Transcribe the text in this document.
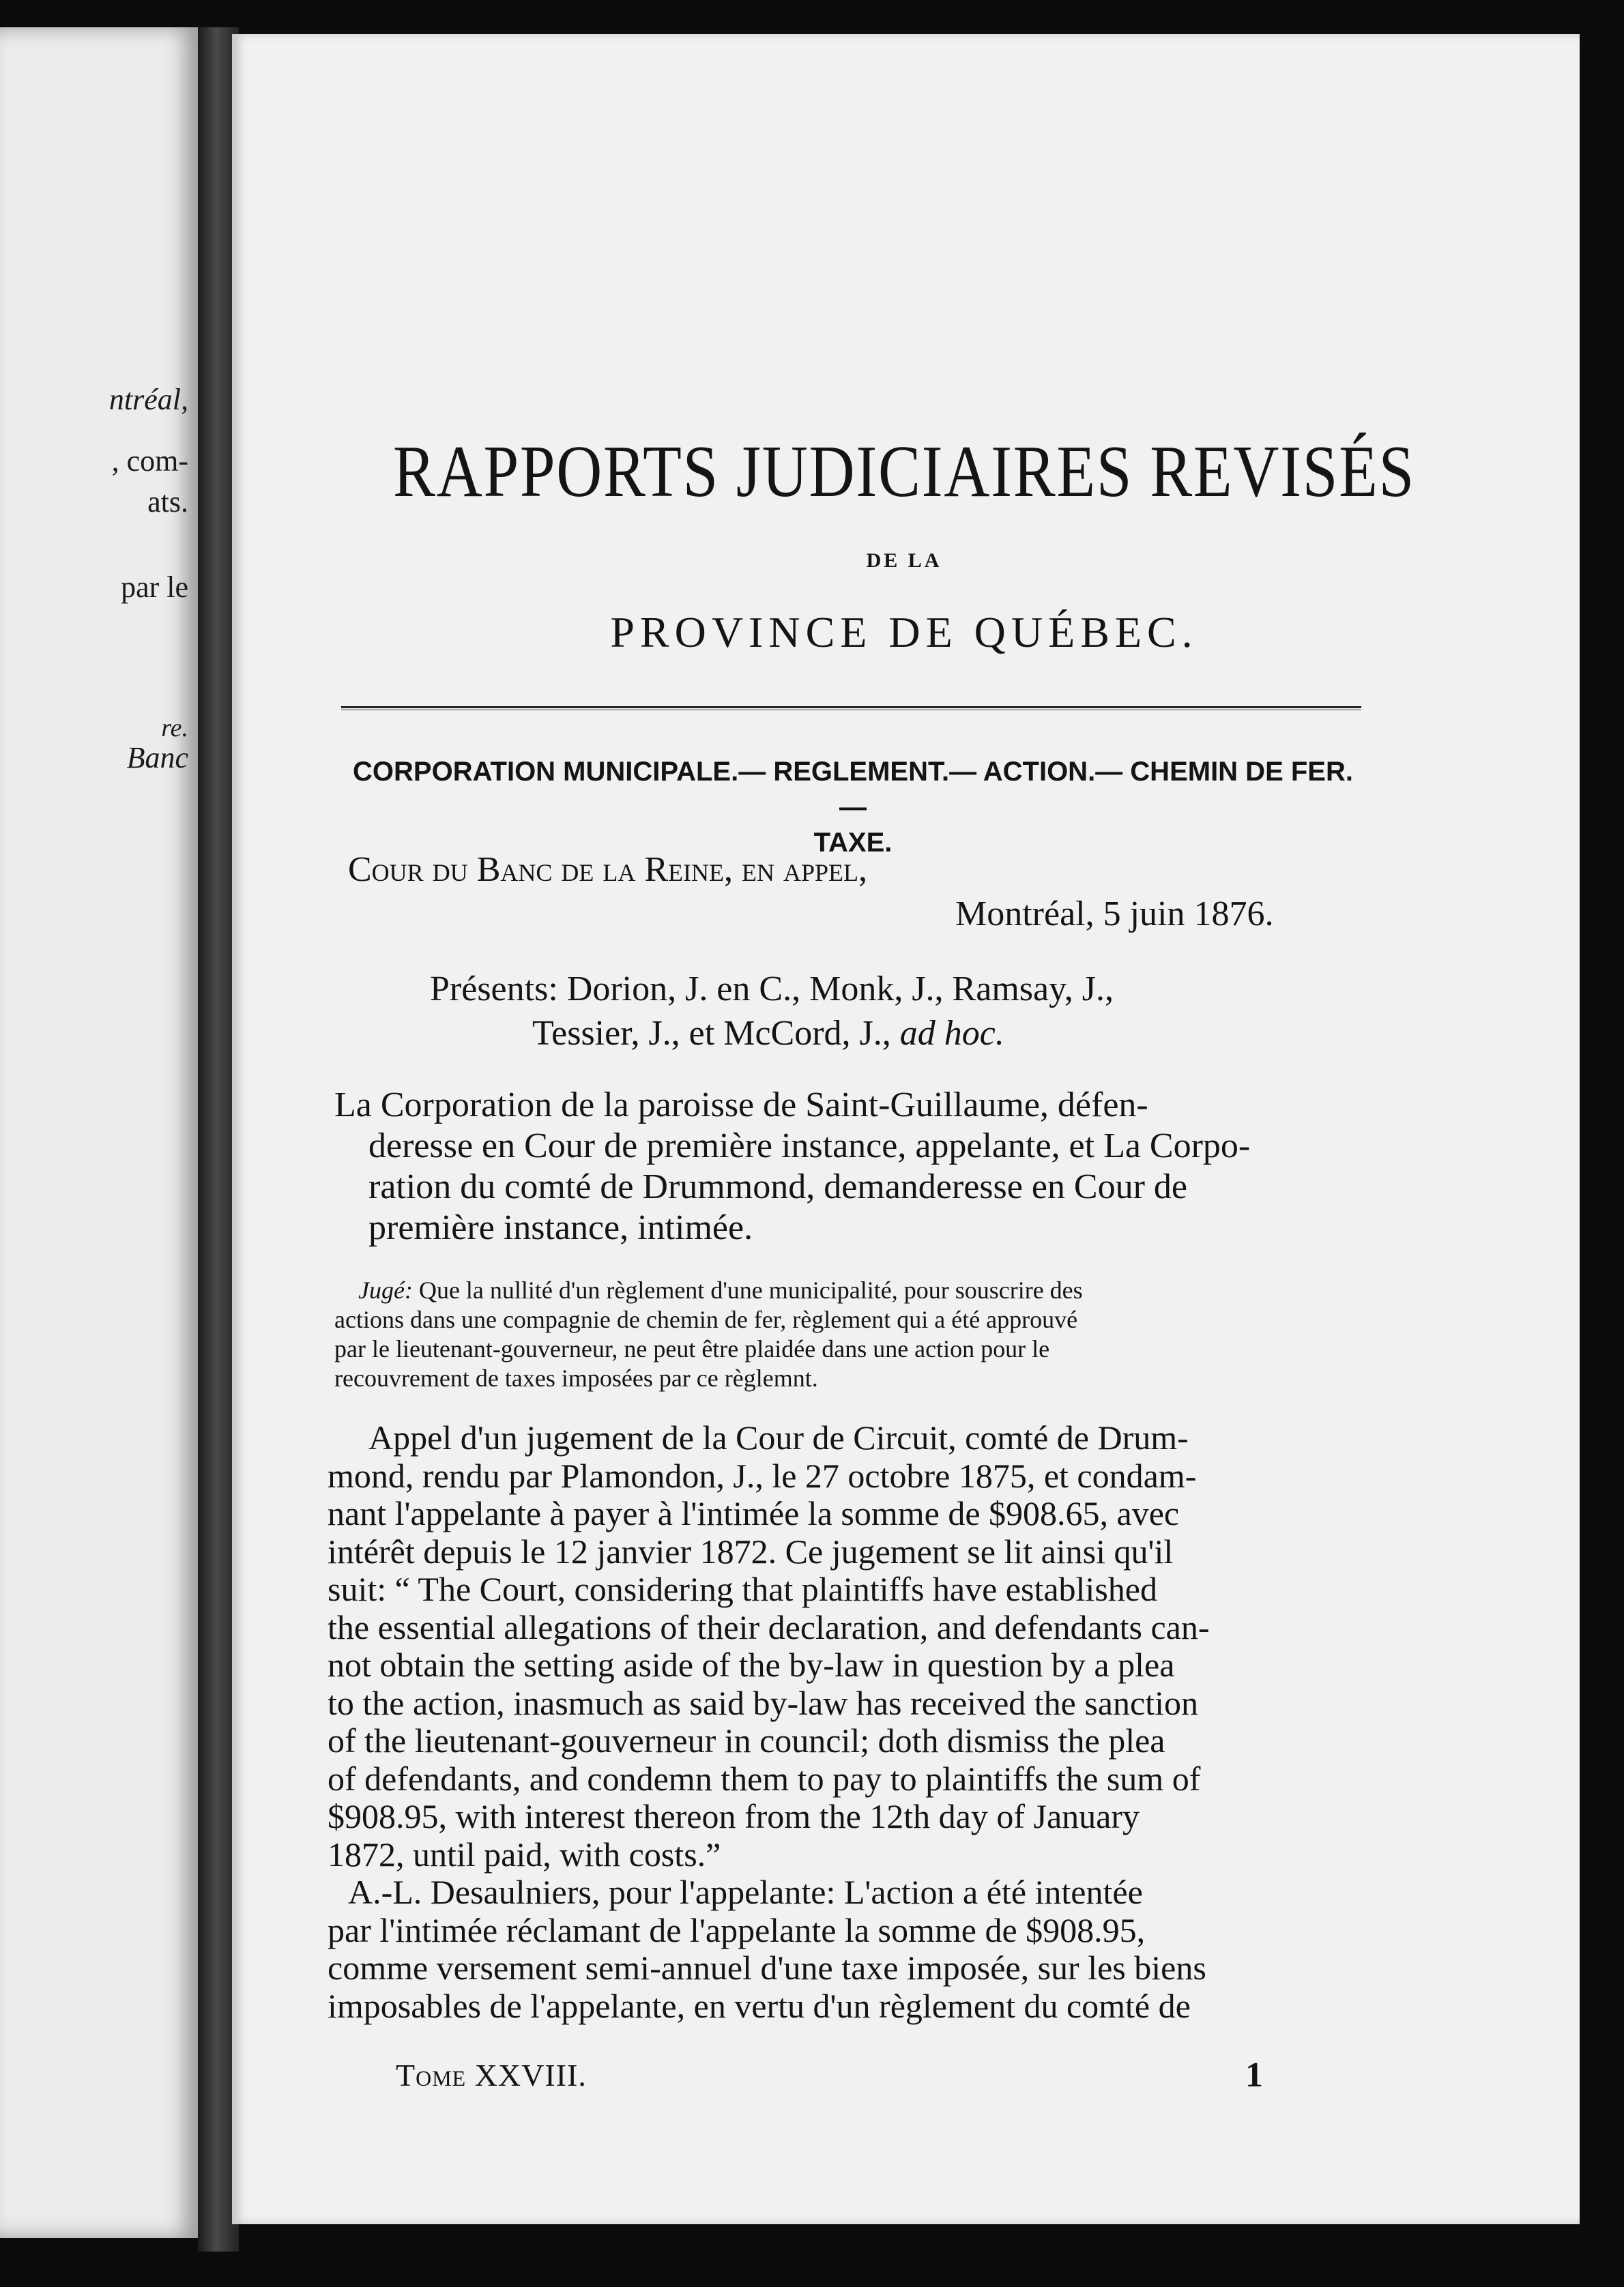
ntréal,
, com-
ats.
par le
re.
Banc
RAPPORTS JUDICIAIRES REVISÉS
DE LA
PROVINCE DE QUÉBEC.
CORPORATION MUNICIPALE.— REGLEMENT.— ACTION.— CHEMIN DE FER. —
TAXE.
Cour du Banc de la Reine, en appel,
Montréal, 5 juin 1876.
Présents: Dorion, J. en C., Monk, J., Ramsay, J.,
Tessier, J., et McCord, J., ad hoc.
La Corporation de la paroisse de Saint-Guillaume, défen-
deresse en Cour de première instance, appelante, et La Corpo-
ration du comté de Drummond, demanderesse en Cour de
première instance, intimée.
Jugé: Que la nullité d'un règlement d'une municipalité, pour souscrire des
actions dans une compagnie de chemin de fer, règlement qui a été approuvé
par le lieutenant-gouverneur, ne peut être plaidée dans une action pour le
recouvrement de taxes imposées par ce règlemnt.
Appel d'un jugement de la Cour de Circuit, comté de Drum-
mond, rendu par Plamondon, J., le 27 octobre 1875, et condam-
nant l'appelante à payer à l'intimée la somme de $908.65, avec
intérêt depuis le 12 janvier 1872. Ce jugement se lit ainsi qu'il
suit: “ The Court, considering that plaintiffs have established
the essential allegations of their declaration, and defendants can-
not obtain the setting aside of the by-law in question by a plea
to the action, inasmuch as said by-law has received the sanction
of the lieutenant-gouverneur in council; doth dismiss the plea
of defendants, and condemn them to pay to plaintiffs the sum of
$908.95, with interest thereon from the 12th day of January
1872, until paid, with costs.”
A.-L. Desaulniers, pour l'appelante: L'action a été intentée
par l'intimée réclamant de l'appelante la somme de $908.95,
comme versement semi-annuel d'une taxe imposée, sur les biens
imposables de l'appelante, en vertu d'un règlement du comté de
Tome XXVIII.	1
